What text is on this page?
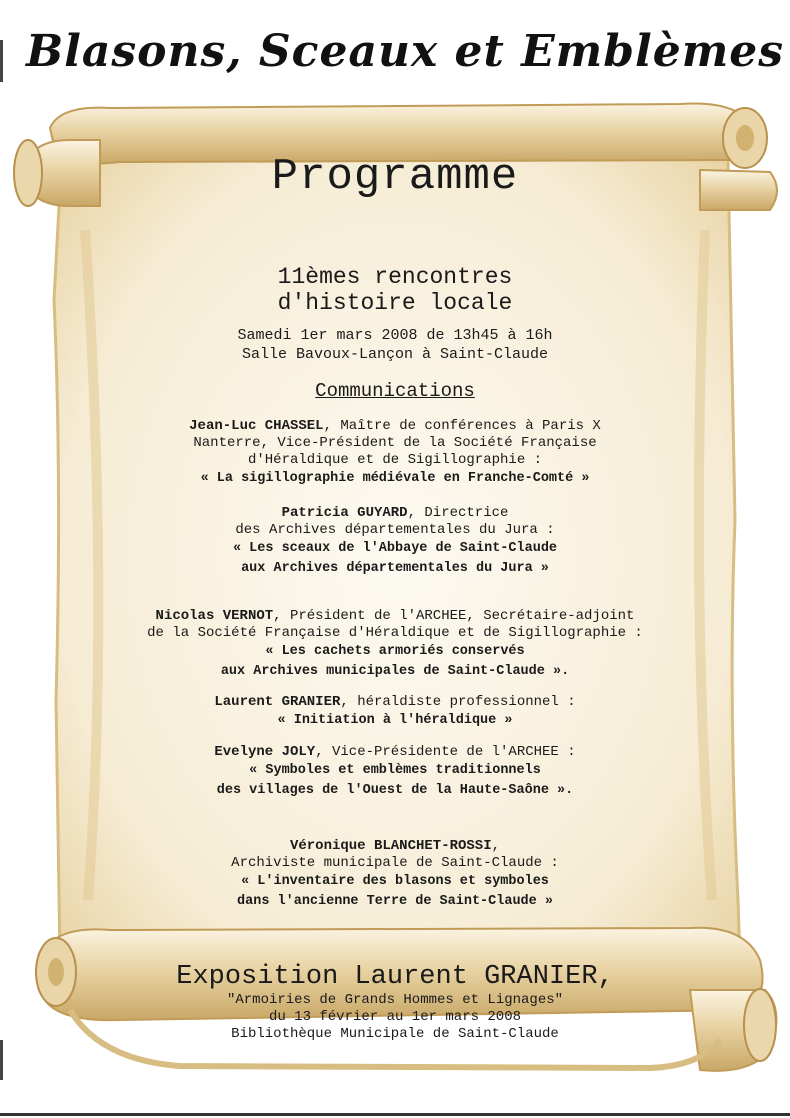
Blasons, Sceaux et Emblèmes
Programme
11èmes rencontres
d'histoire locale
Samedi 1er mars 2008 de 13h45 à 16h
Salle Bavoux-Lançon à Saint-Claude
Communications
Jean-Luc CHASSEL, Maître de conférences à Paris X
Nanterre, Vice-Président de la Société Française
d'Héraldique et de Sigillographie :
« La sigillographie médiévale en Franche-Comté »
Patricia GUYARD, Directrice
des Archives départementales du Jura :
« Les sceaux de l'Abbaye de Saint-Claude
aux Archives départementales du Jura »
Nicolas VERNOT, Président de l'ARCHEE, Secrétaire-adjoint
de la Société Française d'Héraldique et de Sigillographie :
« Les cachets armoriés conservés
aux Archives municipales de Saint-Claude ».
Laurent GRANIER, héraldiste professionnel :
« Initiation à l'héraldique »
Evelyne JOLY, Vice-Présidente de l'ARCHEE :
« Symboles et emblèmes traditionnels
des villages de l'Ouest de la Haute-Saône ».
Véronique BLANCHET-ROSSI,
Archiviste municipale de Saint-Claude :
« L'inventaire des blasons et symboles
dans l'ancienne Terre de Saint-Claude »
Exposition Laurent GRANIER,
"Armoiries de Grands Hommes et Lignages"
du 13 février au 1er mars 2008
Bibliothèque Municipale de Saint-Claude
